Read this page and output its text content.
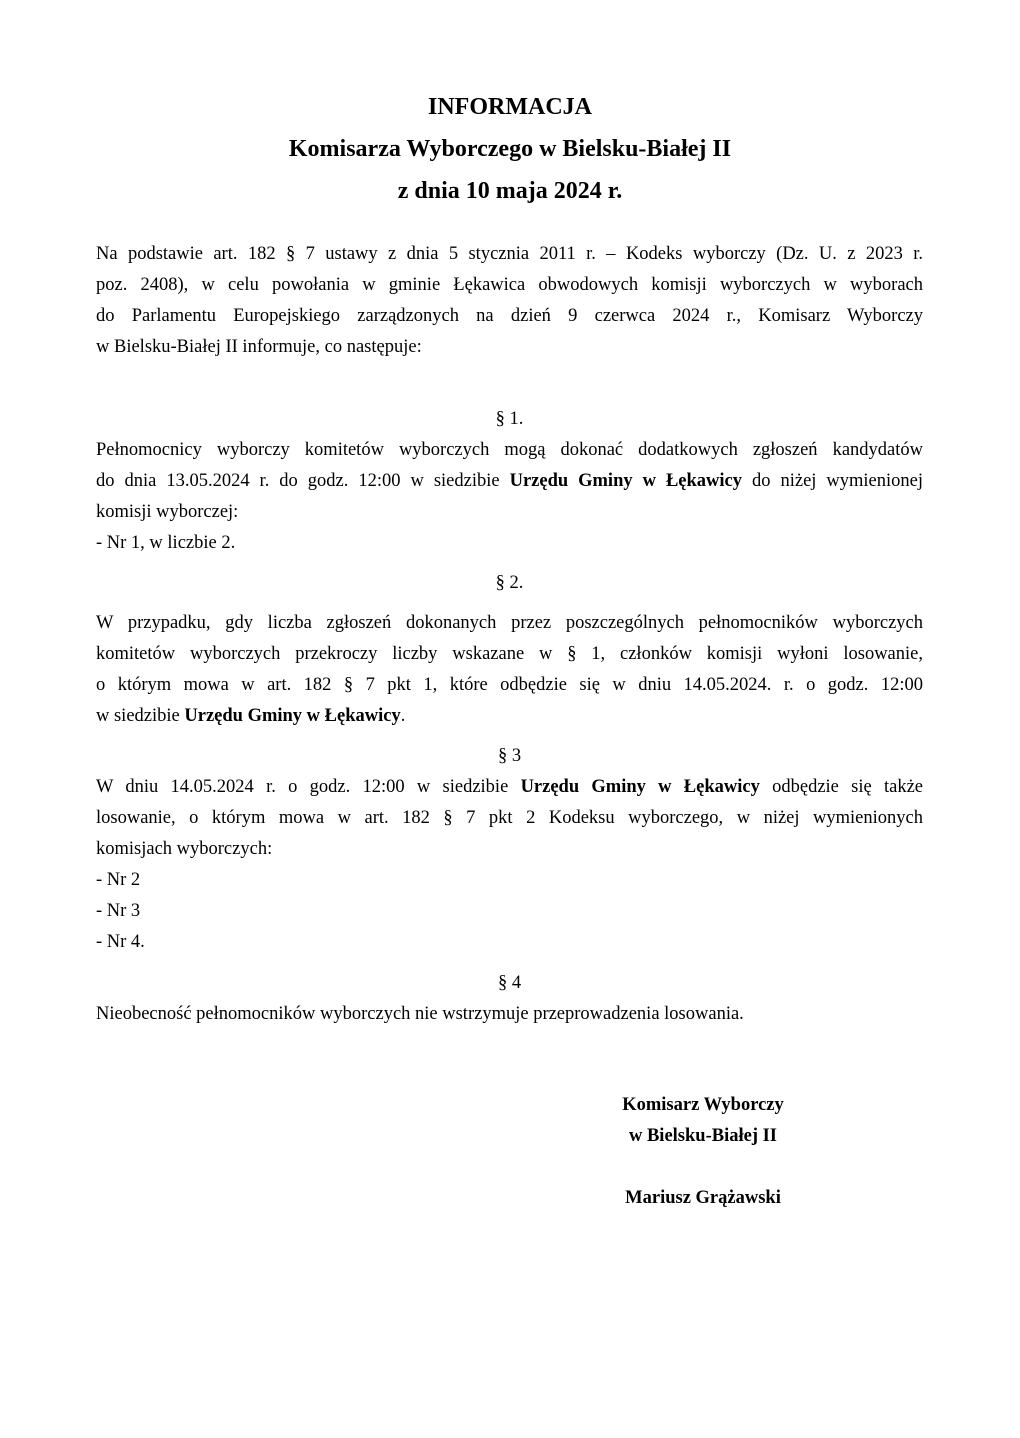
INFORMACJA
Komisarza Wyborczego w Bielsku-Białej II
z dnia 10 maja 2024 r.
Na podstawie art. 182 § 7 ustawy z dnia 5 stycznia 2011 r. – Kodeks wyborczy (Dz. U. z 2023 r.
poz. 2408), w celu powołania w gminie Łękawica obwodowych komisji wyborczych w wyborach
do Parlamentu Europejskiego zarządzonych na dzień 9 czerwca 2024 r., Komisarz Wyborczy
w Bielsku-Białej II informuje, co następuje:
§ 1.
Pełnomocnicy wyborczy komitetów wyborczych mogą dokonać dodatkowych zgłoszeń kandydatów
do dnia 13.05.2024 r. do godz. 12:00 w siedzibie Urzędu Gminy w Łękawicy do niżej wymienionej
komisji wyborczej:
- Nr 1, w liczbie 2.
§ 2.
W przypadku, gdy liczba zgłoszeń dokonanych przez poszczególnych pełnomocników wyborczych
komitetów wyborczych przekroczy liczby wskazane w § 1, członków komisji wyłoni losowanie,
o którym mowa w art. 182 § 7 pkt 1, które odbędzie się w dniu 14.05.2024. r. o godz. 12:00
w siedzibie Urzędu Gminy w Łękawicy.
§ 3
W dniu 14.05.2024 r. o godz. 12:00 w siedzibie Urzędu Gminy w Łękawicy odbędzie się także
losowanie, o którym mowa w art. 182 § 7 pkt 2 Kodeksu wyborczego, w niżej wymienionych
komisjach wyborczych:
- Nr 2
- Nr 3
- Nr 4.
§ 4
Nieobecność pełnomocników wyborczych nie wstrzymuje przeprowadzenia losowania.
Komisarz Wyborczy
w Bielsku-Białej II
Mariusz Grążawski
